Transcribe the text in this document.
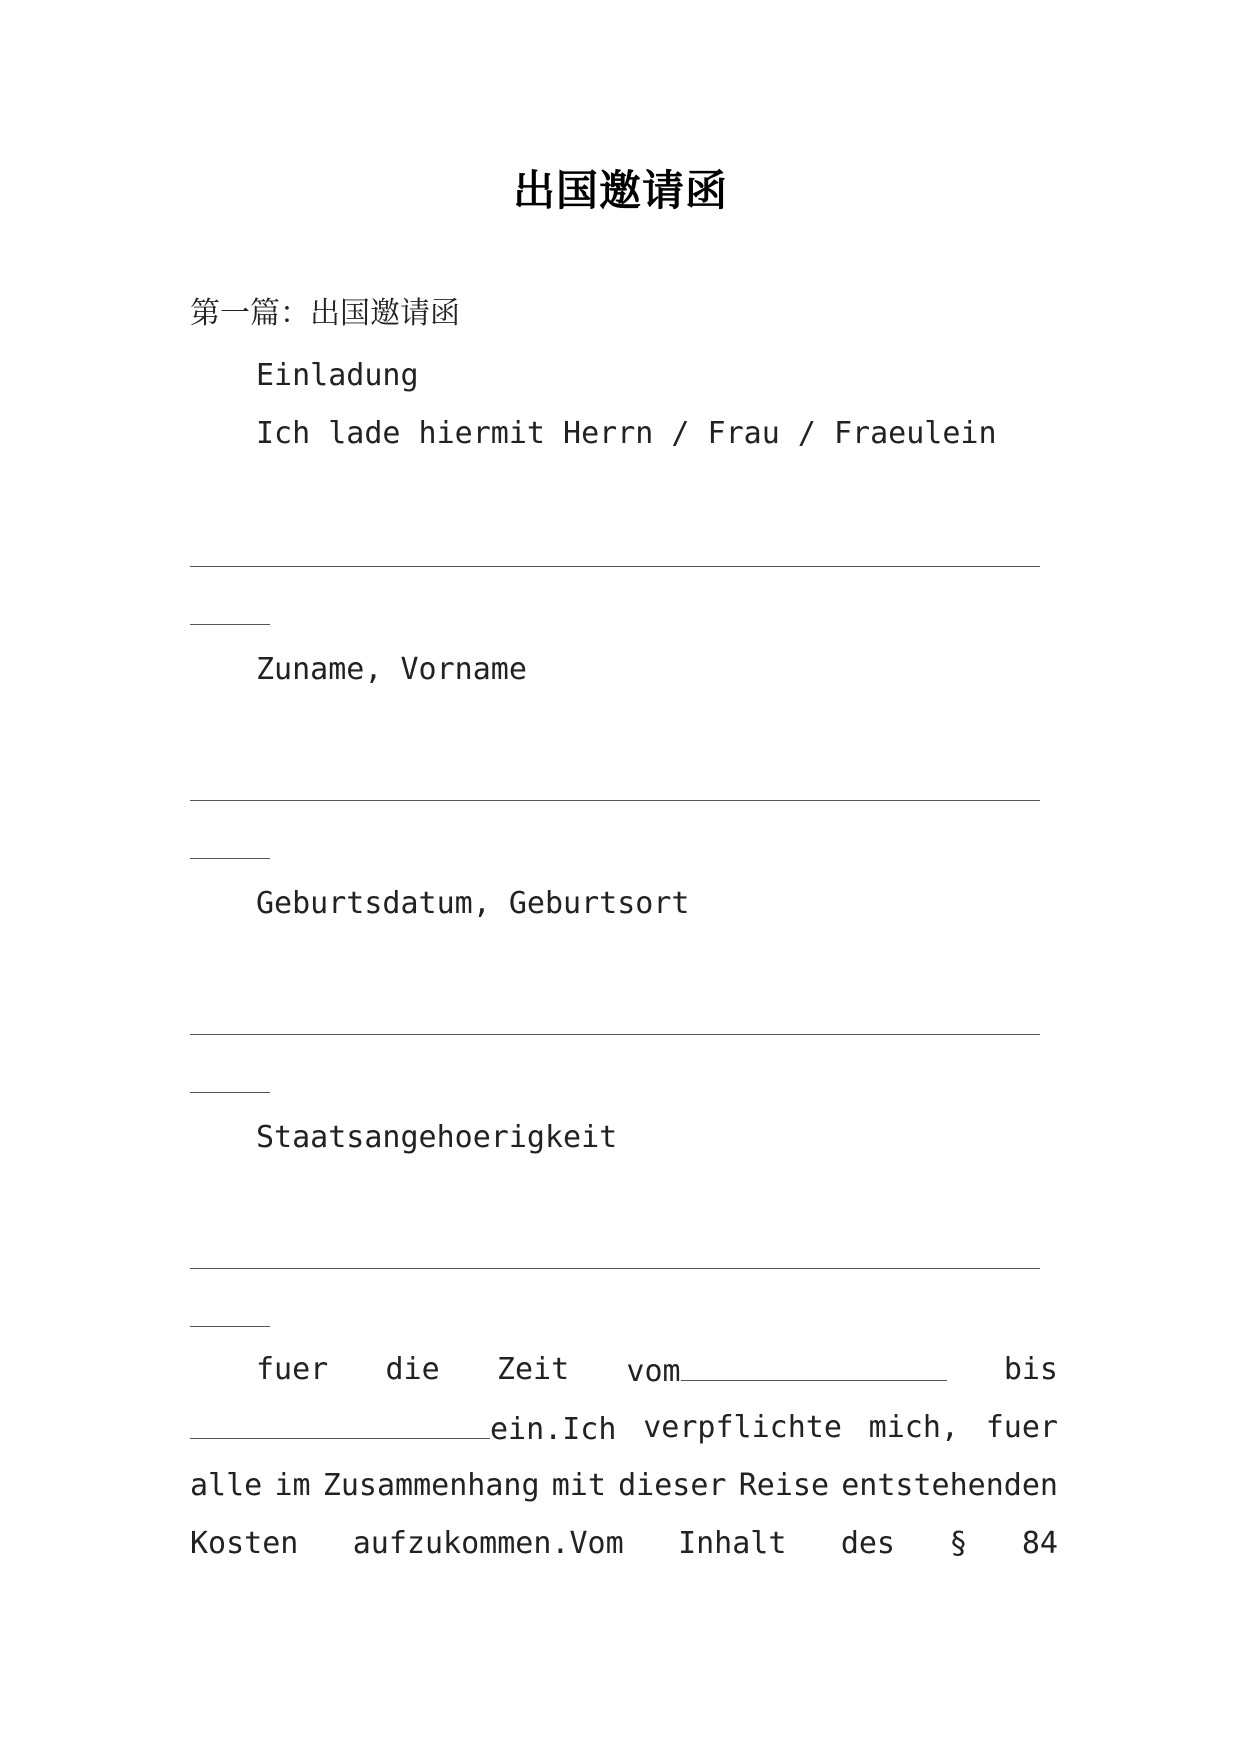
出国邀请函
第一篇：出国邀请函
Einladung
Ich lade hiermit Herrn / Frau / Fraeulein
Zuname, Vorname
Geburtsdatum, Geburtsort
Staatsangehoerigkeit
fuer die Zeit vom	bis
ein.Ich verpflichte mich, fuer
alle im Zusammenhang mit dieser Reise entstehenden
Kosten aufzukommen.Vom Inhalt des § 84
